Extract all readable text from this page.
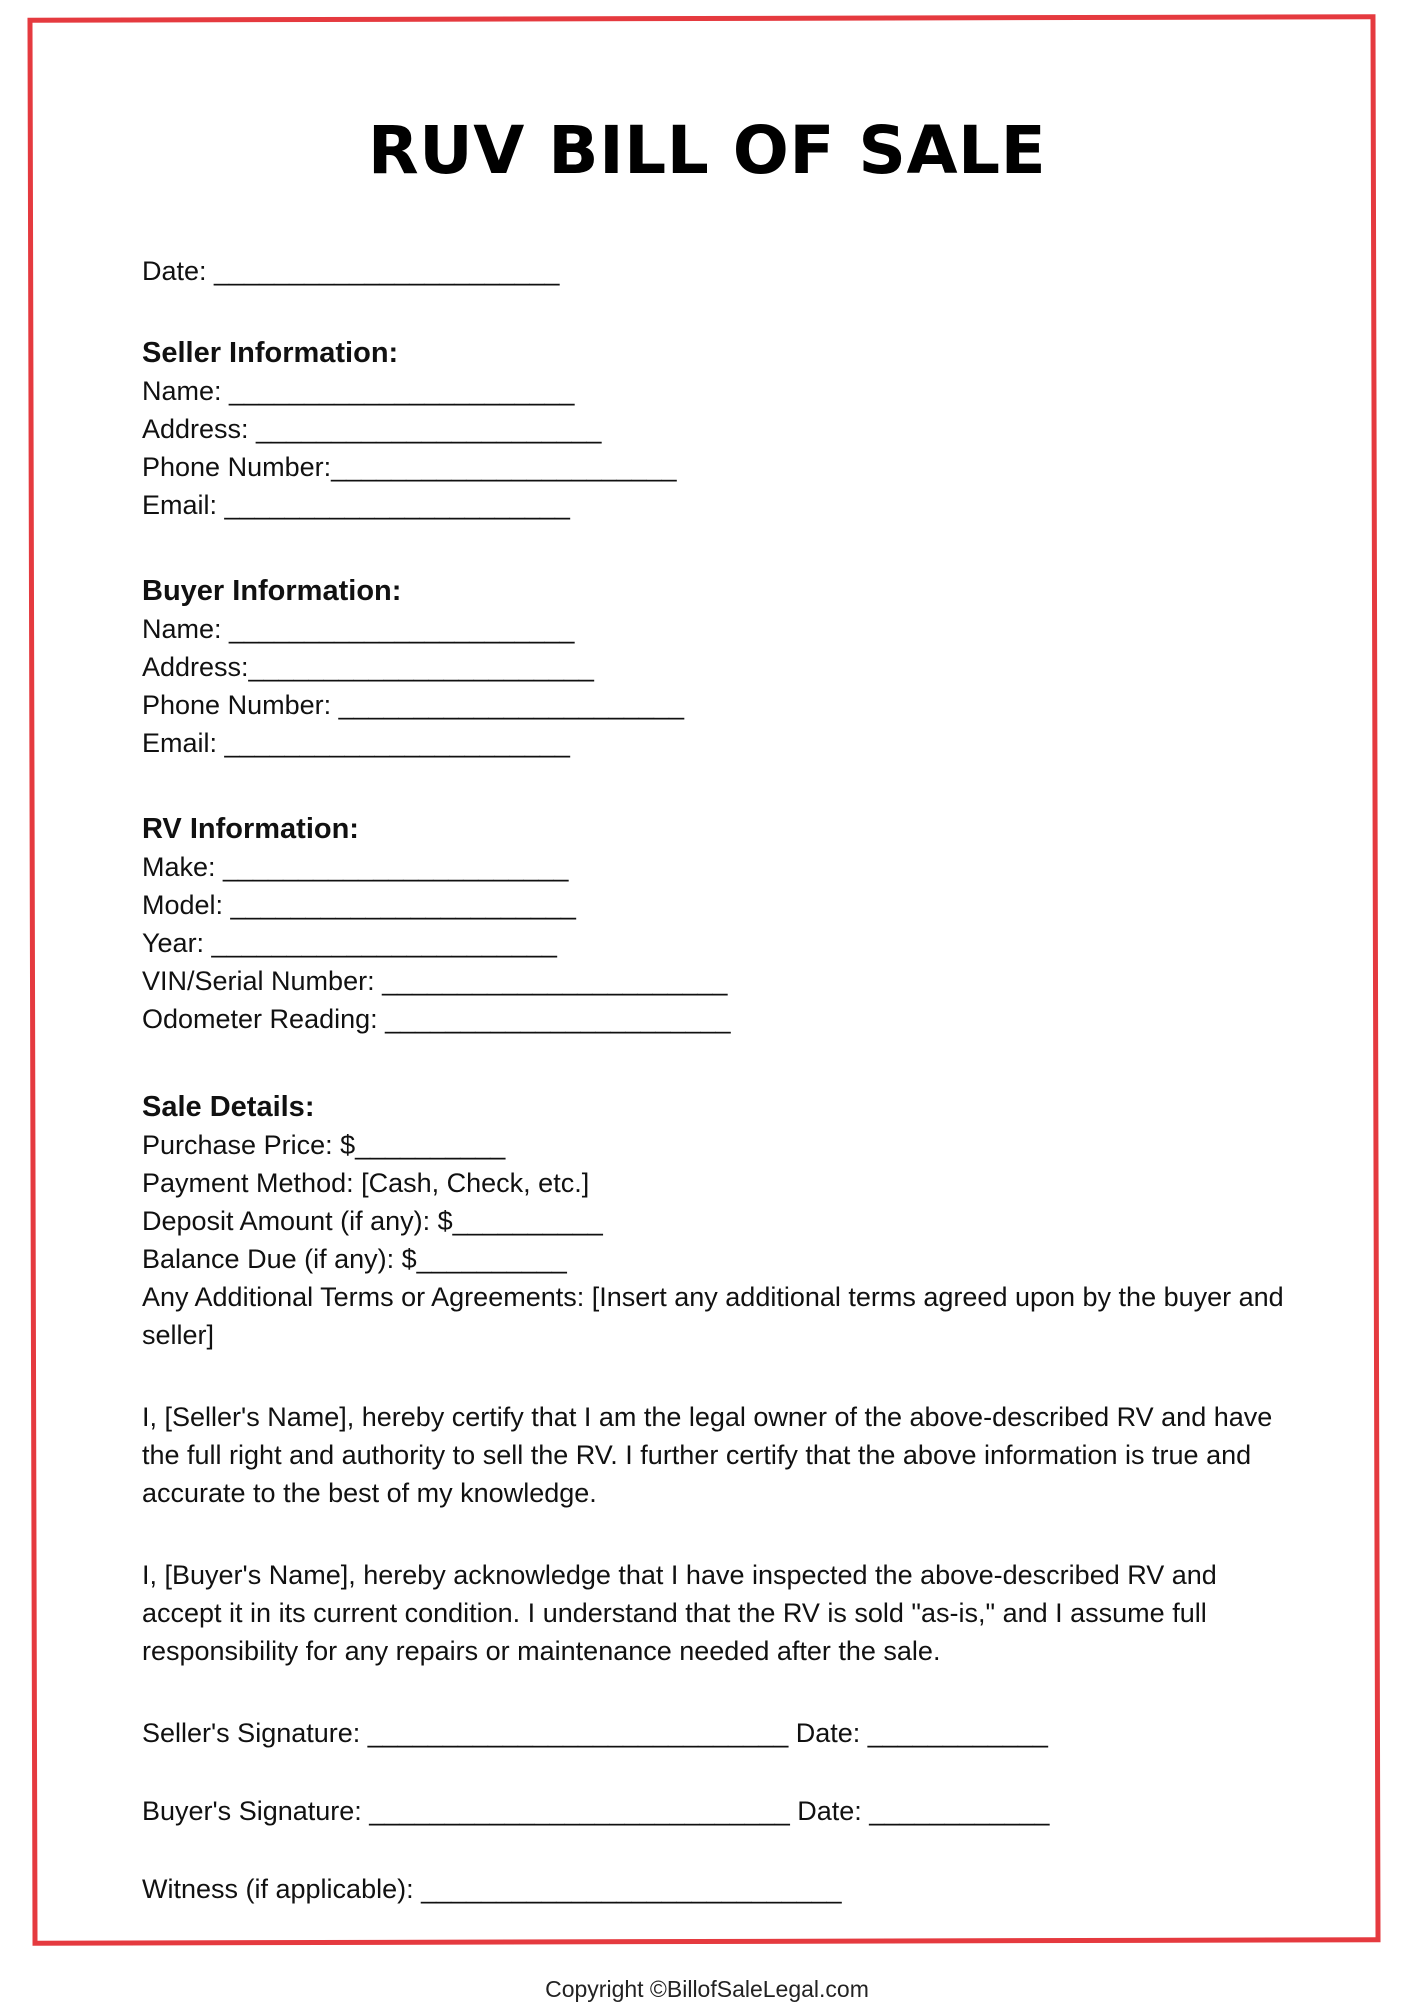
RUV BILL OF SALE

Date: _______________________

Seller Information:

Name: _______________________

Address: _______________________

Phone Number:_______________________

Email: _______________________

Buyer Information:

Name: _______________________

Address:_______________________

Phone Number: _______________________

Email: _______________________

RV Information:

Make: _______________________

Model: _______________________

Year: _______________________

VIN/Serial Number: _______________________

Odometer Reading: _______________________

Sale Details:

Purchase Price: $__________

Payment Method: [Cash, Check, etc.]

Deposit Amount (if any): $__________

Balance Due (if any): $__________

Any Additional Terms or Agreements: [Insert any additional terms agreed upon by the buyer and seller]

I, [Seller's Name], hereby certify that I am the legal owner of the above-described RV and have the full right and authority to sell the RV. I further certify that the above information is true and accurate to the best of my knowledge.

I, [Buyer's Name], hereby acknowledge that I have inspected the above-described RV and accept it in its current condition. I understand that the RV is sold "as-is," and I assume full responsibility for any repairs or maintenance needed after the sale.

Seller's Signature: ____________________________ Date: ____________

Buyer's Signature: ____________________________ Date: ____________

Witness (if applicable): ____________________________

Copyright ©BillofSaleLegal.com
